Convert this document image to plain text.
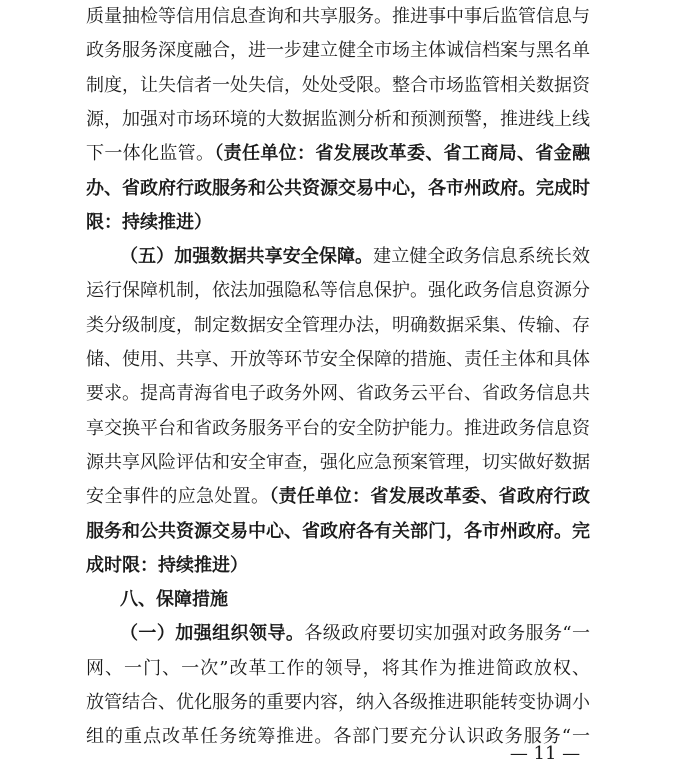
质量抽检等信用信息查询和共享服务。推进事中事后监管信息与
政务服务深度融合，进一步建立健全市场主体诚信档案与黑名单
制度，让失信者一处失信，处处受限。整合市场监管相关数据资
源，加强对市场环境的大数据监测分析和预测预警，推进线上线
下一体化监管。（责任单位：省发展改革委、省工商局、省金融
办、省政府行政服务和公共资源交易中心，各市州政府。完成时
限：持续推进）
（五）加强数据共享安全保障。建立健全政务信息系统长效
运行保障机制，依法加强隐私等信息保护。强化政务信息资源分
类分级制度，制定数据安全管理办法，明确数据采集、传输、存
储、使用、共享、开放等环节安全保障的措施、责任主体和具体
要求。提高青海省电子政务外网、省政务云平台、省政务信息共
享交换平台和省政务服务平台的安全防护能力。推进政务信息资
源共享风险评估和安全审查，强化应急预案管理，切实做好数据
安全事件的应急处置。（责任单位：省发展改革委、省政府行政
服务和公共资源交易中心、省政府各有关部门，各市州政府。完
成时限：持续推进）
八、保障措施
（一）加强组织领导。各级政府要切实加强对政务服务“一
网、一门、一次”改革工作的领导，将其作为推进简政放权、
放管结合、优化服务的重要内容，纳入各级推进职能转变协调小
组的重点改革任务统筹推进。各部门要充分认识政务服务“一
— 11 —
